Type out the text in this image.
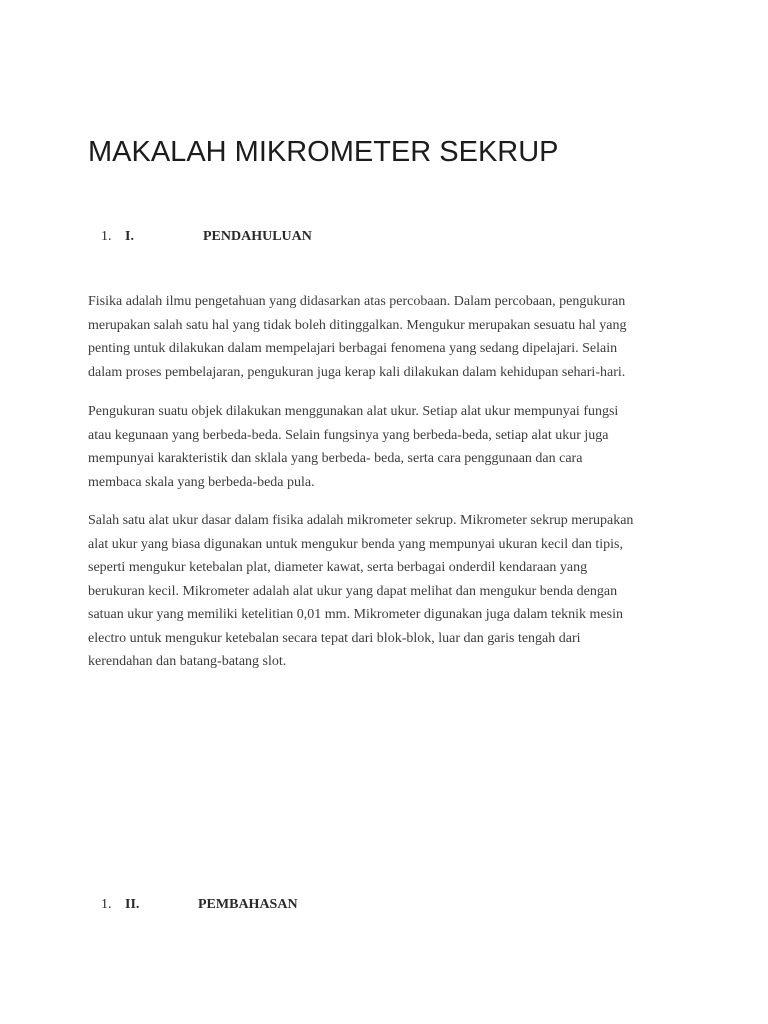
MAKALAH MIKROMETER SEKRUP
1. I.	PENDAHULUAN

Fisika adalah ilmu pengetahuan yang didasarkan atas percobaan. Dalam percobaan, pengukuran
merupakan salah satu hal yang tidak boleh ditinggalkan. Mengukur merupakan sesuatu hal yang
penting untuk dilakukan dalam mempelajari berbagai fenomena yang sedang dipelajari. Selain
dalam proses pembelajaran, pengukuran juga kerap kali dilakukan dalam kehidupan sehari-hari.

Pengukuran suatu objek dilakukan menggunakan alat ukur. Setiap alat ukur mempunyai fungsi
atau kegunaan yang berbeda-beda. Selain fungsinya yang berbeda-beda, setiap alat ukur juga
mempunyai karakteristik dan sklala yang berbeda- beda, serta cara penggunaan dan cara
membaca skala yang berbeda-beda pula.

Salah satu alat ukur dasar dalam fisika adalah mikrometer sekrup. Mikrometer sekrup merupakan
alat ukur yang biasa digunakan untuk mengukur benda yang mempunyai ukuran kecil dan tipis,
seperti mengukur ketebalan plat, diameter kawat, serta berbagai onderdil kendaraan yang
berukuran kecil. Mikrometer adalah alat ukur yang dapat melihat dan mengukur benda dengan
satuan ukur yang memiliki ketelitian 0,01 mm. Mikrometer digunakan juga dalam teknik mesin
electro untuk mengukur ketebalan secara tepat dari blok-blok, luar dan garis tengah dari
kerendahan dan batang-batang slot.

1. II.	PEMBAHASAN
